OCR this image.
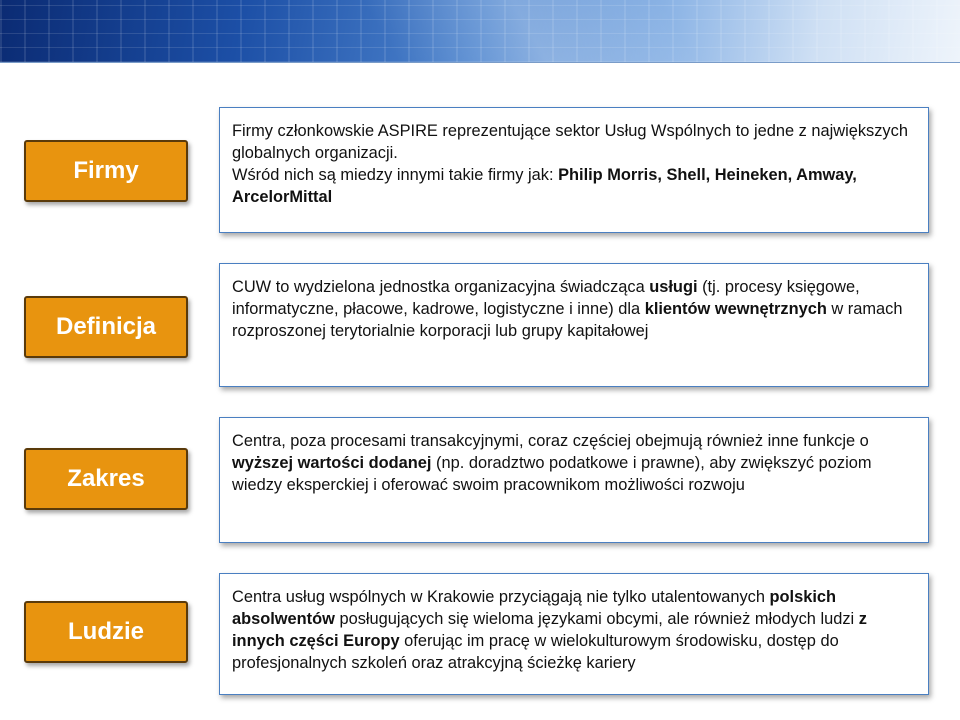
Firmy

Firmy członkowskie ASPIRE reprezentujące sektor Usług Wspólnych to jedne z największych globalnych organizacji.

Wśród nich są miedzy innymi takie firmy jak: Philip Morris, Shell, Heineken, Amway, ArcelorMittal

Definicja

CUW to wydzielona jednostka organizacyjna świadcząca usługi (tj. procesy księgowe, informatyczne, płacowe, kadrowe, logistyczne i inne) dla klientów wewnętrznych w ramach rozproszonej terytorialnie korporacji lub grupy kapitałowej

Zakres

Centra, poza procesami transakcyjnymi, coraz częściej obejmują również inne funkcje o wyższej wartości dodanej (np. doradztwo podatkowe i prawne), aby zwiększyć poziom wiedzy eksperckiej i oferować swoim pracownikom możliwości rozwoju

Ludzie

Centra usług wspólnych w Krakowie przyciągają nie tylko utalentowanych polskich absolwentów posługujących się wieloma językami obcymi, ale również młodych ludzi z innych części Europy oferując im pracę w wielokulturowym środowisku, dostęp do profesjonalnych szkoleń oraz atrakcyjną ścieżkę kariery
